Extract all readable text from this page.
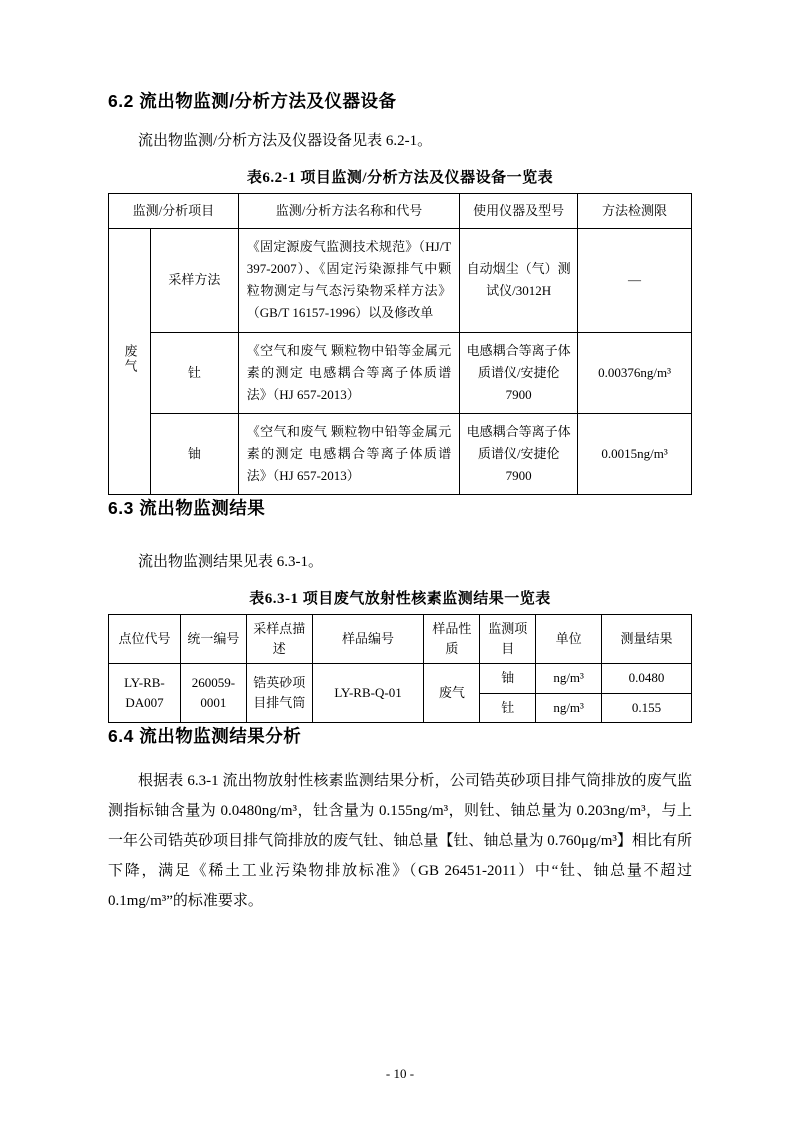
6.2 流出物监测/分析方法及仪器设备
流出物监测/分析方法及仪器设备见表 6.2-1。
表6.2-1 项目监测/分析方法及仪器设备一览表
监测/分析项目		监测/分析方法名称和代号	使用仪器及型号	方法检测限
废气	采样方法	《固定源废气监测技术规范》（HJ/T 397-2007）、《固定污染源排气中颗粒物测定与气态污染物采样方法》（GB/T 16157-1996）以及修改单	自动烟尘（气）测试仪/3012H	—
	钍	《空气和废气 颗粒物中铅等金属元素的测定 电感耦合等离子体质谱法》（HJ 657-2013）	电感耦合等离子体质谱仪/安捷伦 7900	0.00376ng/m³
	铀	《空气和废气 颗粒物中铅等金属元素的测定 电感耦合等离子体质谱法》（HJ 657-2013）	电感耦合等离子体质谱仪/安捷伦 7900	0.0015ng/m³
6.3 流出物监测结果
流出物监测结果见表 6.3-1。
表6.3-1 项目废气放射性核素监测结果一览表
点位代号	统一编号	采样点描述	样品编号	样品性质	监测项目	单位	测量结果
LY-RB-DA007	260059-0001	锆英砂项目排气筒	LY-RB-Q-01	废气	铀	ng/m³	0.0480
					钍	ng/m³	0.155
6.4 流出物监测结果分析

根据表 6.3-1 流出物放射性核素监测结果分析，公司锆英砂项目排气筒排放的废气监测指标铀含量为 0.0480ng/m³，钍含量为 0.155ng/m³，则钍、铀总量为 0.203ng/m³，与上一年公司锆英砂项目排气筒排放的废气钍、铀总量【钍、铀总量为 0.760μg/m³】相比有所下降，满足《稀土工业污染物排放标准》（GB 26451-2011）中“钍、铀总量不超过 0.1mg/m³”的标准要求。

- 10 -
